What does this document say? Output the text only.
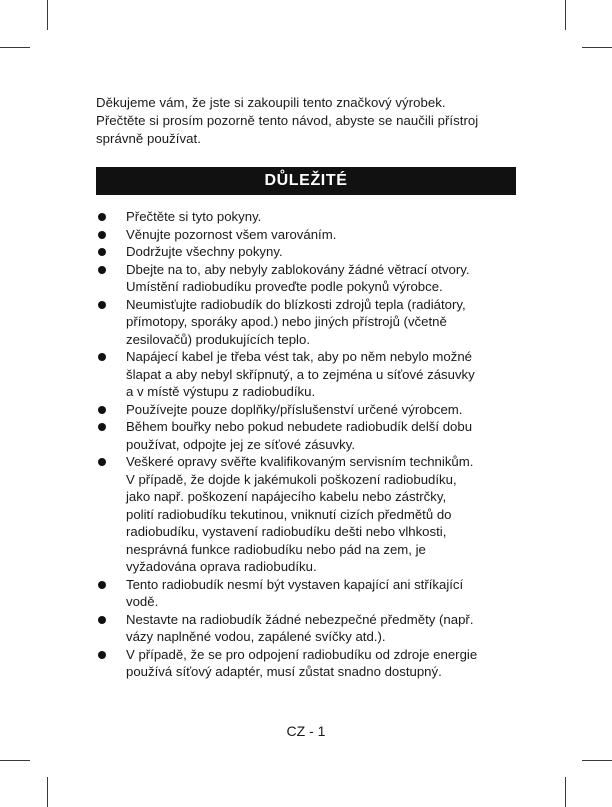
Děkujeme vám, že jste si zakoupili tento značkový výrobek.

Přečtěte si prosím pozorně tento návod, abyste se naučili přístroj

správně používat.

DŮLEŽITÉ
Přečtěte si tyto pokyny.
Věnujte pozornost všem varováním.
Dodržujte všechny pokyny.
Dbejte na to, aby nebyly zablokovány žádné větrací otvory.
Umístění radiobudíku proveďte podle pokynů výrobce.
Neumisťujte radiobudík do blízkosti zdrojů tepla (radiátory,
přímotopy, sporáky apod.) nebo jiných přístrojů (včetně
zesilovačů) produkujících teplo.
Napájecí kabel je třeba vést tak, aby po něm nebylo možné
šlapat a aby nebyl skřípnutý, a to zejména u síťové zásuvky
a v místě výstupu z radiobudíku.
Používejte pouze doplňky/příslušenství určené výrobcem.
Během bouřky nebo pokud nebudete radiobudík delší dobu
používat, odpojte jej ze síťové zásuvky.
Veškeré opravy svěřte kvalifikovaným servisním technikům.
V případě, že dojde k jakémukoli poškození radiobudíku,
jako např. poškození napájecího kabelu nebo zástrčky,
polití radiobudíku tekutinou, vniknutí cizích předmětů do
radiobudíku, vystavení radiobudíku dešti nebo vlhkosti,
nesprávná funkce radiobudíku nebo pád na zem, je
vyžadována oprava radiobudíku.
Tento radiobudík nesmí být vystaven kapající ani stříkající
vodě.
Nestavte na radiobudík žádné nebezpečné předměty (např.
vázy naplněné vodou, zapálené svíčky atd.).
V případě, že se pro odpojení radiobudíku od zdroje energie
používá síťový adaptér, musí zůstat snadno dostupný.
CZ - 1
